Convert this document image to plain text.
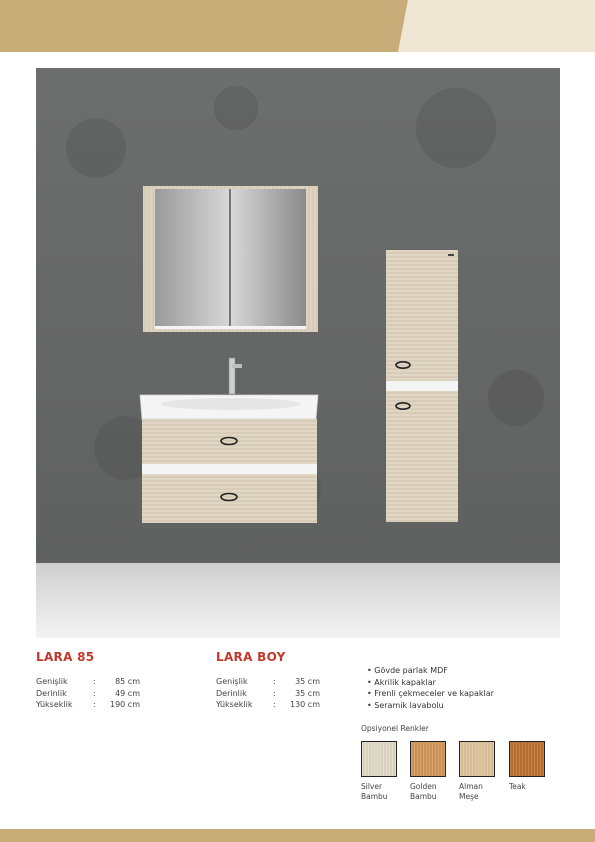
LARA 85
Genişlik	:	85 cm
Derinlik	:	49 cm
Yükseklik	:	190 cm
LARA BOY
Genişlik	:	35 cm
Derinlik	:	35 cm
Yükseklik	:	130 cm
• Gövde parlak MDF
• Akrilik kapaklar
• Frenli çekmeceler ve kapaklar
• Seramik lavabolu
Opsiyonel Renkler
Silver
Bambu
Golden
Bambu
Alman
Meşe
Teak
